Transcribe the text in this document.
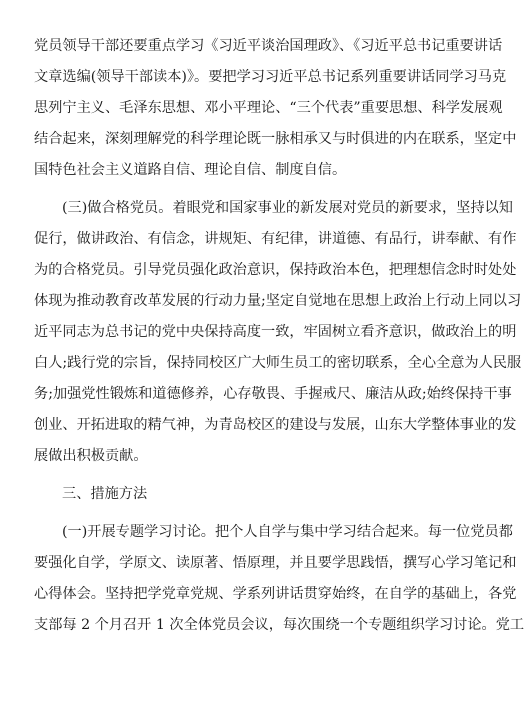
党员领导干部还要重点学习《习近平谈治国理政》、《习近平总书记重要讲话
文章选编(领导干部读本)》。要把学习习近平总书记系列重要讲话同学习马克
思列宁主义、毛泽东思想、邓小平理论、“三个代表”重要思想、科学发展观
结合起来，深刻理解党的科学理论既一脉相承又与时俱进的内在联系，坚定中
国特色社会主义道路自信、理论自信、制度自信。
(三)做合格党员。着眼党和国家事业的新发展对党员的新要求，坚持以知
促行，做讲政治、有信念，讲规矩、有纪律，讲道德、有品行，讲奉献、有作
为的合格党员。引导党员强化政治意识，保持政治本色，把理想信念时时处处
体现为推动教育改革发展的行动力量;坚定自觉地在思想上政治上行动上同以习
近平同志为总书记的党中央保持高度一致，牢固树立看齐意识，做政治上的明
白人;践行党的宗旨，保持同校区广大师生员工的密切联系，全心全意为人民服
务;加强党性锻炼和道德修养，心存敬畏、手握戒尺、廉洁从政;始终保持干事
创业、开拓进取的精气神，为青岛校区的建设与发展，山东大学整体事业的发
展做出积极贡献。
三、措施方法
(一)开展专题学习讨论。把个人自学与集中学习结合起来。每一位党员都
要强化自学，学原文、读原著、悟原理，并且要学思践悟，撰写心学习笔记和
心得体会。坚持把学党章党规、学系列讲话贯穿始终，在自学的基础上，各党
支部每 2 个月召开 1 次全体党员会议，每次围绕一个专题组织学习讨论。党工
